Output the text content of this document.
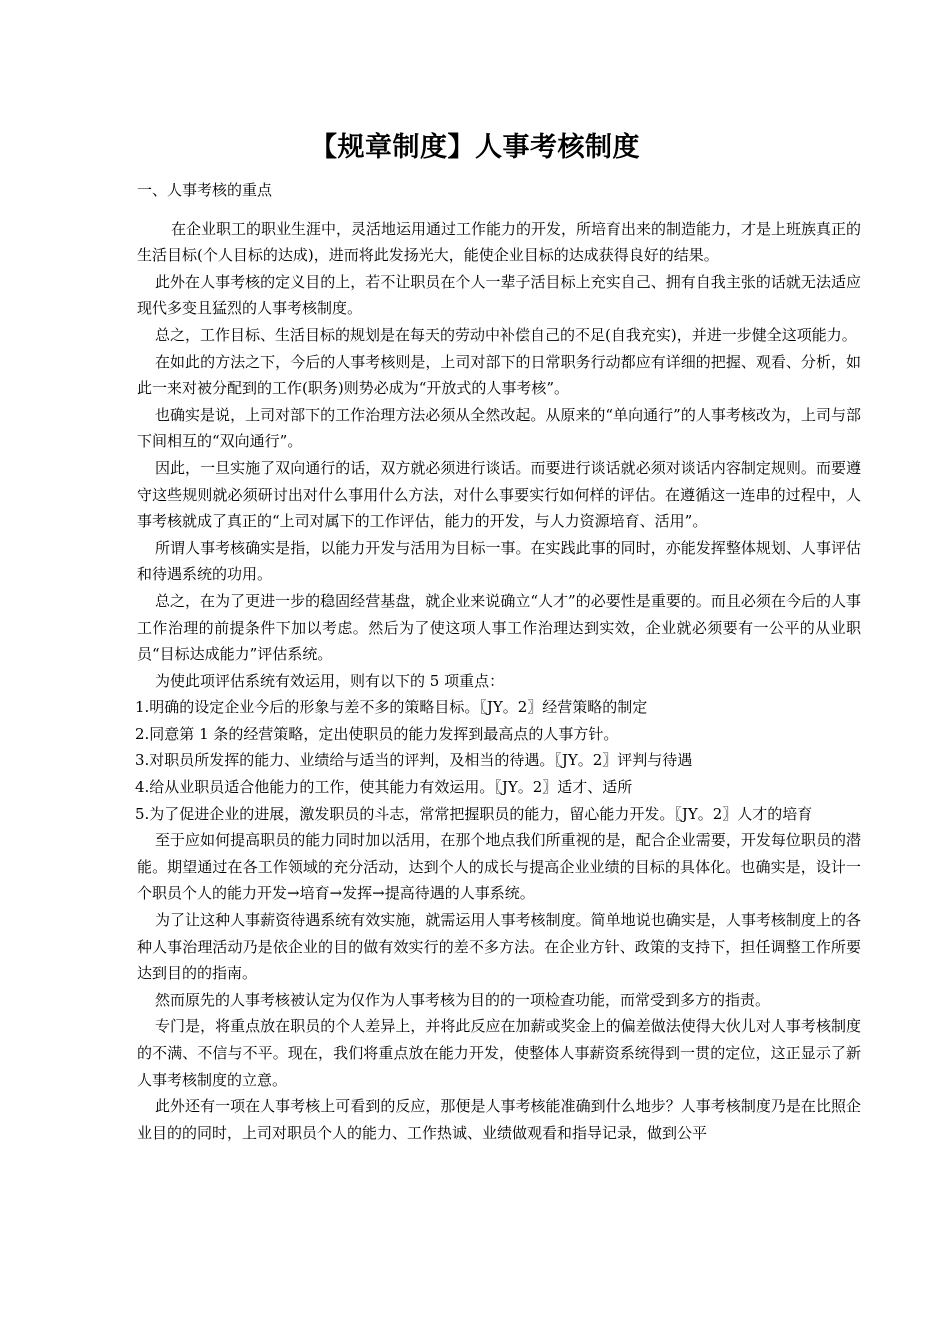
【规章制度】人事考核制度

一、人事考核的重点

在企业职工的职业生涯中，灵活地运用通过工作能力的开发，所培育出来的制造能力，才是上班族真正的生活目标(个人目标的达成)，进而将此发扬光大，能使企业目标的达成获得良好的结果。

此外在人事考核的定义目的上，若不让职员在个人一辈子活目标上充实自己、拥有自我主张的话就无法适应现代多变且猛烈的人事考核制度。

总之，工作目标、生活目标的规划是在每天的劳动中补偿自己的不足(自我充实)，并进一步健全这项能力。

在如此的方法之下，今后的人事考核则是，上司对部下的日常职务行动都应有详细的把握、观看、分析，如此一来对被分配到的工作(职务)则势必成为“开放式的人事考核”。

也确实是说，上司对部下的工作治理方法必须从全然改起。从原来的“单向通行”的人事考核改为，上司与部下间相互的“双向通行”。

因此，一旦实施了双向通行的话，双方就必须进行谈话。而要进行谈话就必须对谈话内容制定规则。而要遵守这些规则就必须研讨出对什么事用什么方法，对什么事要实行如何样的评估。在遵循这一连串的过程中，人事考核就成了真正的“上司对属下的工作评估，能力的开发，与人力资源培育、活用”。

所谓人事考核确实是指，以能力开发与活用为目标一事。在实践此事的同时，亦能发挥整体规划、人事评估和待遇系统的功用。

总之，在为了更进一步的稳固经营基盘，就企业来说确立“人才”的必要性是重要的。而且必须在今后的人事工作治理的前提条件下加以考虑。然后为了使这项人事工作治理达到实效，企业就必须要有一公平的从业职员“目标达成能力”评估系统。

为使此项评估系统有效运用，则有以下的 5 项重点：

1.明确的设定企业今后的形象与差不多的策略目标。〖JY。2〗经营策略的制定

2.同意第 1 条的经营策略，定出使职员的能力发挥到最高点的人事方针。

3.对职员所发挥的能力、业绩给与适当的评判，及相当的待遇。〖JY。2〗评判与待遇

4.给从业职员适合他能力的工作，使其能力有效运用。〖JY。2〗适才、适所

5.为了促进企业的进展，激发职员的斗志，常常把握职员的能力，留心能力开发。〖JY。2〗人才的培育

至于应如何提高职员的能力同时加以活用，在那个地点我们所重视的是，配合企业需要，开发每位职员的潜能。期望通过在各工作领域的充分活动，达到个人的成长与提高企业业绩的目标的具体化。也确实是，设计一个职员个人的能力开发→培育→发挥→提高待遇的人事系统。

为了让这种人事薪资待遇系统有效实施，就需运用人事考核制度。简单地说也确实是，人事考核制度上的各种人事治理活动乃是依企业的目的做有效实行的差不多方法。在企业方针、政策的支持下，担任调整工作所要达到目的的指南。

然而原先的人事考核被认定为仅作为人事考核为目的的一项检查功能，而常受到多方的指责。

专门是，将重点放在职员的个人差异上，并将此反应在加薪或奖金上的偏差做法使得大伙儿对人事考核制度的不满、不信与不平。现在，我们将重点放在能力开发，使整体人事薪资系统得到一贯的定位，这正显示了新人事考核制度的立意。

此外还有一项在人事考核上可看到的反应，那便是人事考核能准确到什么地步？人事考核制度乃是在比照企业目的的同时，上司对职员个人的能力、工作热诚、业绩做观看和指导记录，做到公平
